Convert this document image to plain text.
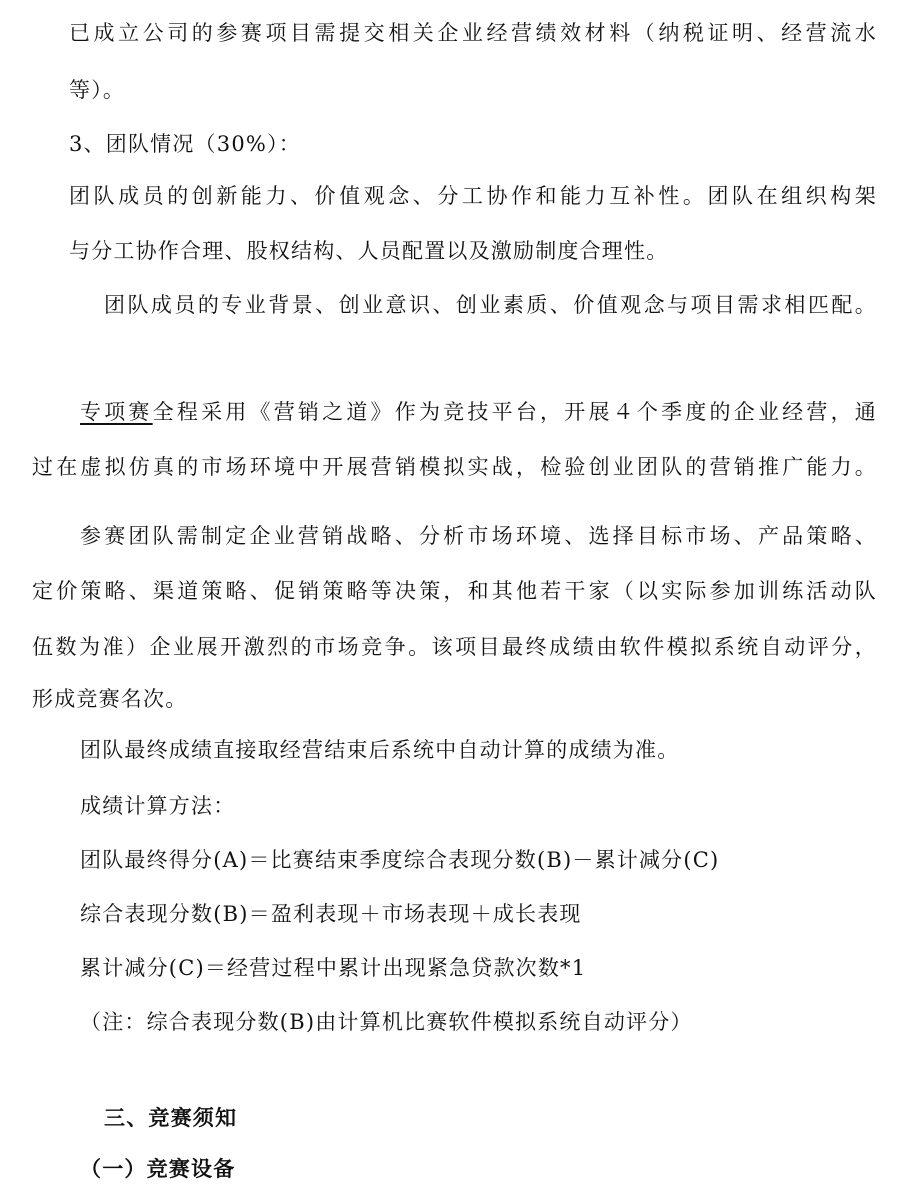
已成立公司的参赛项目需提交相关企业经营绩效材料（纳税证明、经营流水
等）。
3、团队情况（30%）：
团队成员的创新能力、价值观念、分工协作和能力互补性。团队在组织构架
与分工协作合理、股权结构、人员配置以及激励制度合理性。
团队成员的专业背景、创业意识、创业素质、价值观念与项目需求相匹配。
专项赛全程采用《营销之道》作为竞技平台，开展４个季度的企业经营，通
过在虚拟仿真的市场环境中开展营销模拟实战，检验创业团队的营销推广能力。
参赛团队需制定企业营销战略、分析市场环境、选择目标市场、产品策略、
定价策略、渠道策略、促销策略等决策，和其他若干家（以实际参加训练活动队
伍数为准）企业展开激烈的市场竞争。该项目最终成绩由软件模拟系统自动评分，
形成竞赛名次。
团队最终成绩直接取经营结束后系统中自动计算的成绩为准。
成绩计算方法：
团队最终得分(A)＝比赛结束季度综合表现分数(B)－累计减分(C)
综合表现分数(B)＝盈利表现＋市场表现＋成长表现
累计减分(C)＝经营过程中累计出现紧急贷款次数*1
（注：综合表现分数(B)由计算机比赛软件模拟系统自动评分）
三、竞赛须知
（一）竞赛设备
